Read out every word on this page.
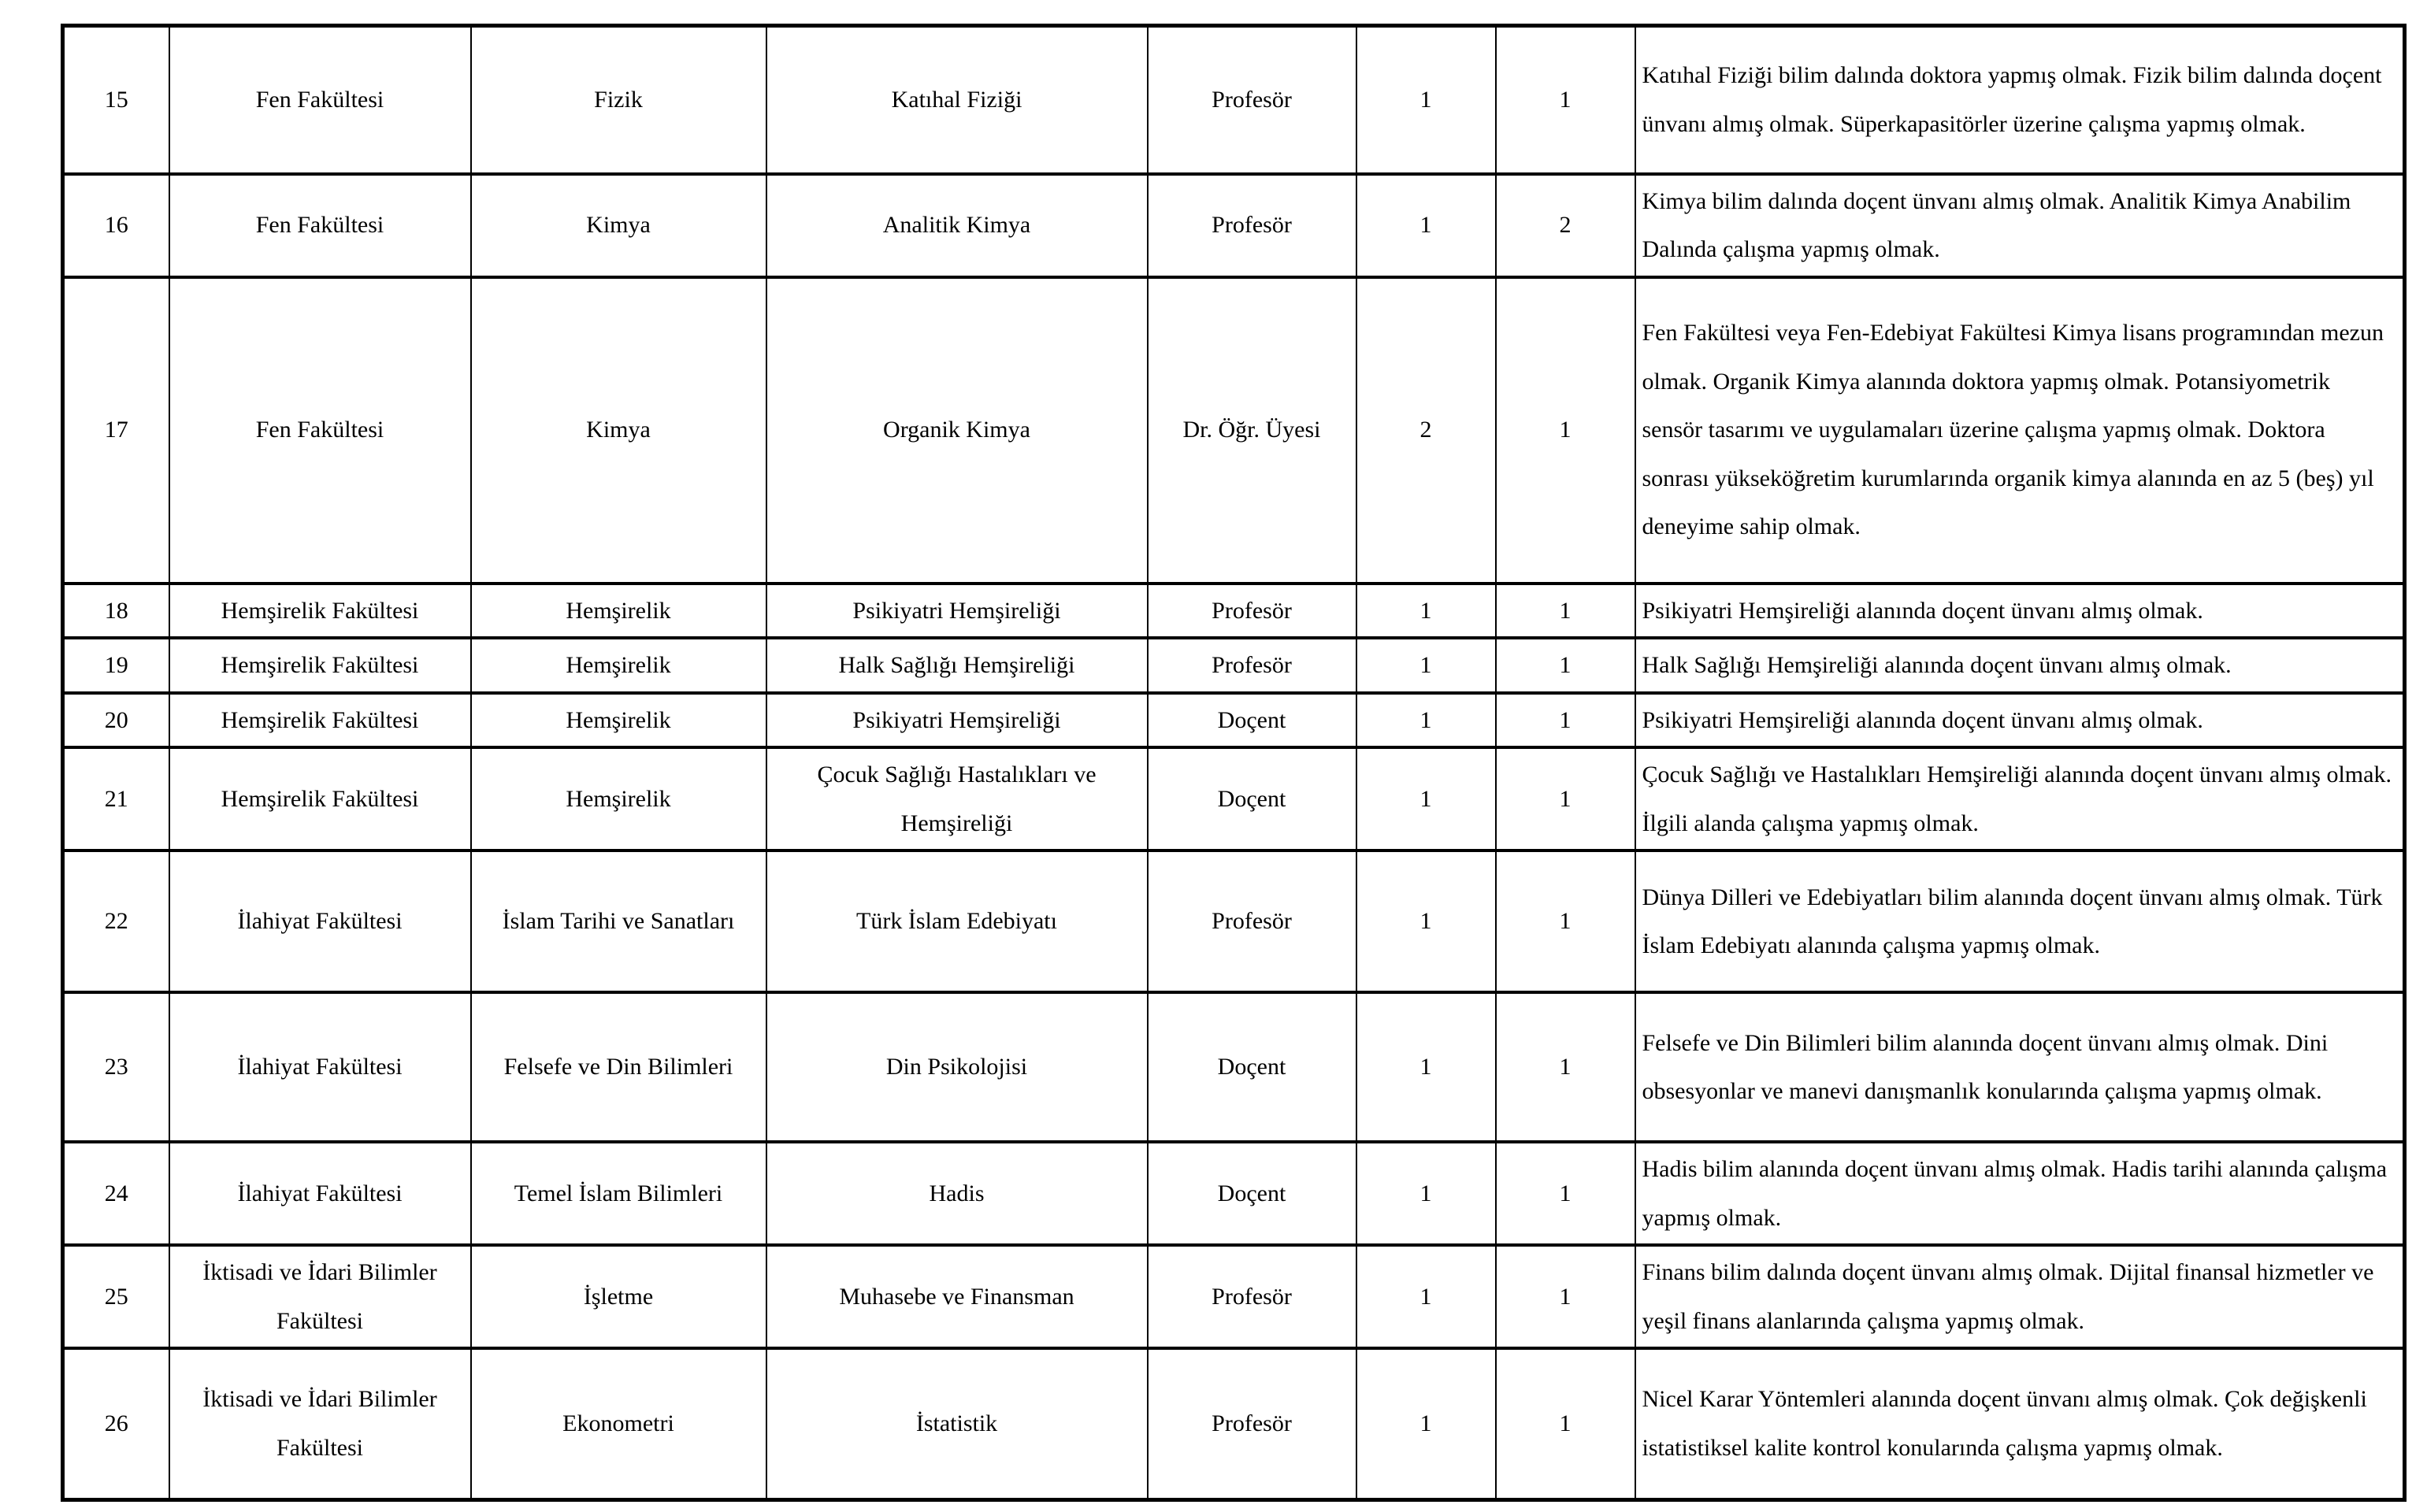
15	Fen Fakültesi	Fizik	Katıhal Fiziği	Profesör	1	1	Katıhal Fiziği bilim dalında doktora yapmış olmak. Fizik bilim dalında doçent ünvanı almış olmak. Süperkapasitörler üzerine çalışma yapmış olmak.
16	Fen Fakültesi	Kimya	Analitik Kimya	Profesör	1	2	Kimya bilim dalında doçent ünvanı almış olmak. Analitik Kimya Anabilim Dalında çalışma yapmış olmak.
17	Fen Fakültesi	Kimya	Organik Kimya	Dr. Öğr. Üyesi	2	1	Fen Fakültesi veya Fen-Edebiyat Fakültesi Kimya lisans programından mezun olmak. Organik Kimya alanında doktora yapmış olmak. Potansiyometrik sensör tasarımı ve uygulamaları üzerine çalışma yapmış olmak. Doktora sonrası yükseköğretim kurumlarında organik kimya alanında en az 5 (beş) yıl deneyime sahip olmak.
18	Hemşirelik Fakültesi	Hemşirelik	Psikiyatri Hemşireliği	Profesör	1	1	Psikiyatri Hemşireliği alanında doçent ünvanı almış olmak.
19	Hemşirelik Fakültesi	Hemşirelik	Halk Sağlığı Hemşireliği	Profesör	1	1	Halk Sağlığı Hemşireliği alanında doçent ünvanı almış olmak.
20	Hemşirelik Fakültesi	Hemşirelik	Psikiyatri Hemşireliği	Doçent	1	1	Psikiyatri Hemşireliği alanında doçent ünvanı almış olmak.
21	Hemşirelik Fakültesi	Hemşirelik	Çocuk Sağlığı Hastalıkları ve Hemşireliği	Doçent	1	1	Çocuk Sağlığı ve Hastalıkları Hemşireliği alanında doçent ünvanı almış olmak. İlgili alanda çalışma yapmış olmak.
22	İlahiyat Fakültesi	İslam Tarihi ve Sanatları	Türk İslam Edebiyatı	Profesör	1	1	Dünya Dilleri ve Edebiyatları bilim alanında doçent ünvanı almış olmak. Türk İslam Edebiyatı alanında çalışma yapmış olmak.
23	İlahiyat Fakültesi	Felsefe ve Din Bilimleri	Din Psikolojisi	Doçent	1	1	Felsefe ve Din Bilimleri bilim alanında doçent ünvanı almış olmak. Dini obsesyonlar ve manevi danışmanlık konularında çalışma yapmış olmak.
24	İlahiyat Fakültesi	Temel İslam Bilimleri	Hadis	Doçent	1	1	Hadis bilim alanında doçent ünvanı almış olmak. Hadis tarihi alanında çalışma yapmış olmak.
25	İktisadi ve İdari Bilimler Fakültesi	İşletme	Muhasebe ve Finansman	Profesör	1	1	Finans bilim dalında doçent ünvanı almış olmak. Dijital finansal hizmetler ve yeşil finans alanlarında çalışma yapmış olmak.
26	İktisadi ve İdari Bilimler Fakültesi	Ekonometri	İstatistik	Profesör	1	1	Nicel Karar Yöntemleri alanında doçent ünvanı almış olmak. Çok değişkenli istatistiksel kalite kontrol konularında çalışma yapmış olmak.
